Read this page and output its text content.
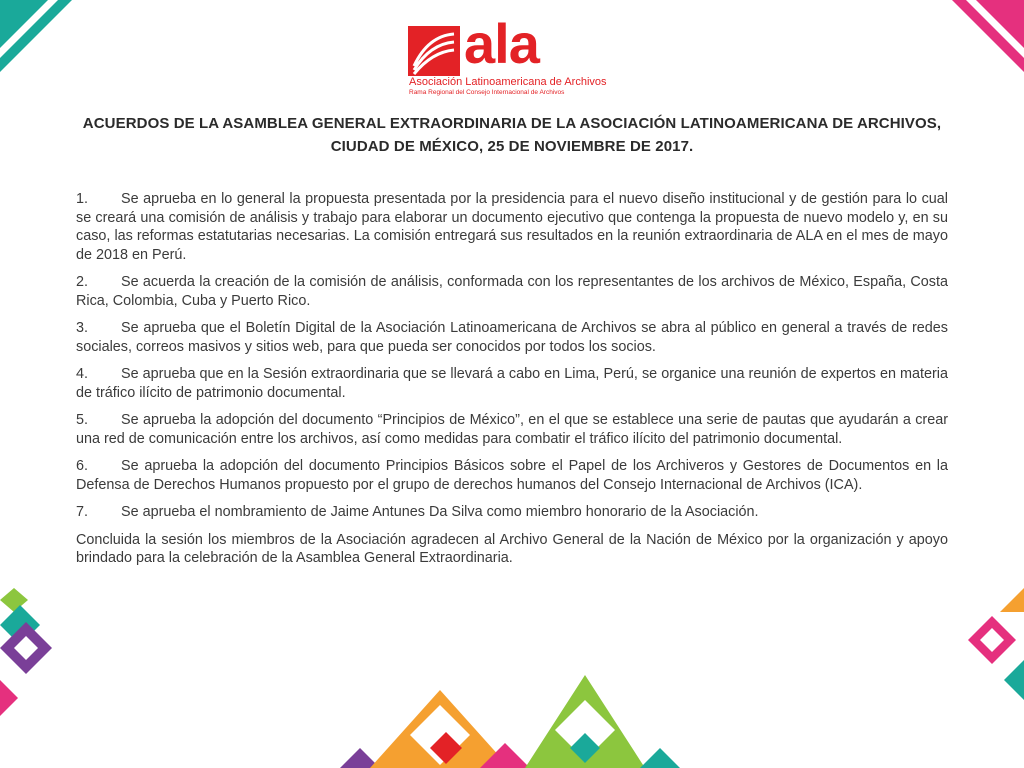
ala
Asociación Latinoamericana de Archivos
Rama Regional del Consejo Internacional de Archivos
ACUERDOS DE LA ASAMBLEA GENERAL EXTRAORDINARIA DE LA ASOCIACIÓN LATINOAMERICANA DE ARCHIVOS,
CIUDAD DE MÉXICO, 25 DE NOVIEMBRE DE 2017.

1. Se aprueba en lo general la propuesta presentada por la presidencia para el nuevo diseño institucional y de gestión para lo cual se creará una comisión de análisis y trabajo para elaborar un documento ejecutivo que contenga la propuesta de nuevo modelo y, en su caso, las reformas estatutarias necesarias. La comisión entregará sus resultados en la reunión extraordinaria de ALA en el mes de mayo de 2018 en Perú.

2. Se acuerda la creación de la comisión de análisis, conformada con los representantes de los archivos de México, España, Costa Rica, Colombia, Cuba y Puerto Rico.

3. Se aprueba que el Boletín Digital de la Asociación Latinoamericana de Archivos se abra al público en general a través de redes sociales, correos masivos y sitios web, para que pueda ser conocidos por todos los socios.

4. Se aprueba que en la Sesión extraordinaria que se llevará a cabo en Lima, Perú, se organice una reunión de expertos en materia de tráfico ilícito de patrimonio documental.

5. Se aprueba la adopción del documento “Principios de México”, en el que se establece una serie de pautas que ayudarán a crear una red de comunicación entre los archivos, así como medidas para combatir el tráfico ilícito del patrimonio documental.

6. Se aprueba la adopción del documento Principios Básicos sobre el Papel de los Archiveros y Gestores de Documentos en la Defensa de Derechos Humanos propuesto por el grupo de derechos humanos del Consejo Internacional de Archivos (ICA).

7. Se aprueba el nombramiento de Jaime Antunes Da Silva como miembro honorario de la Asociación.

Concluida la sesión los miembros de la Asociación agradecen al Archivo General de la Nación de México por la organización y apoyo brindado para la celebración de la Asamblea General Extraordinaria.
